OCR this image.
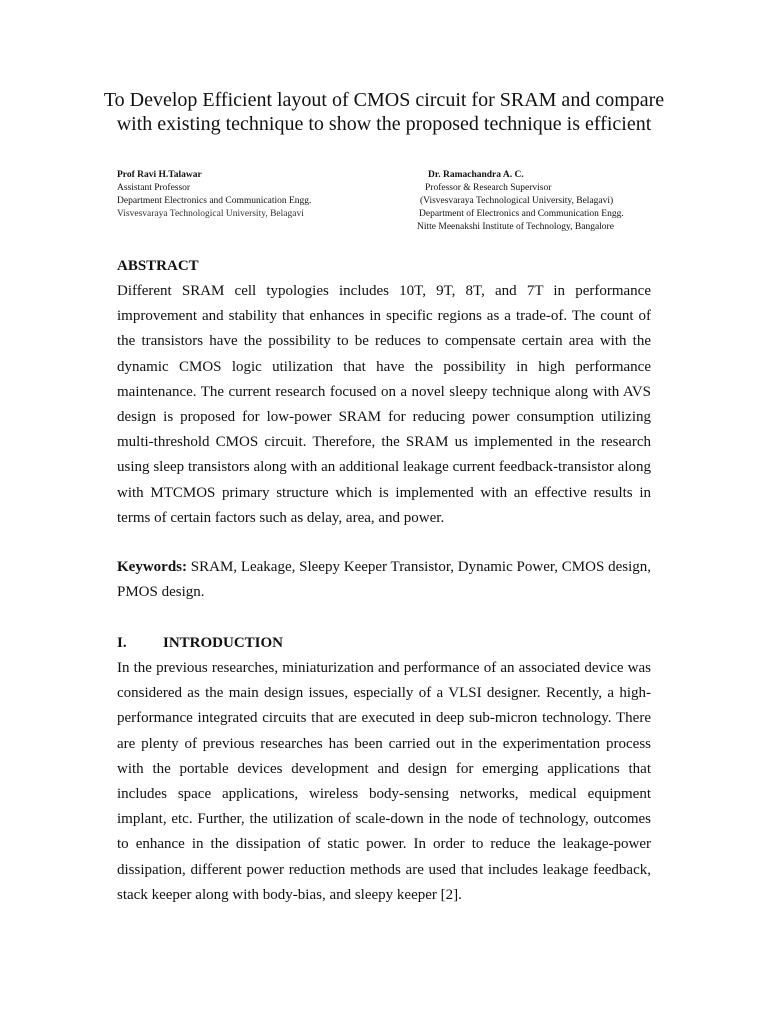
To Develop Efficient layout of CMOS circuit for SRAM and compare with existing technique to show the proposed technique is efficient
Prof Ravi H.Talawar
Assistant Professor
Department Electronics and Communication Engg.
Visvesvaraya Technological University, Belagavi
Dr. Ramachandra A. C.
Professor & Research Supervisor
(Visvesvaraya Technological University, Belagavi)
Department of Electronics and Communication Engg.
Nitte Meenakshi Institute of Technology, Bangalore
ABSTRACT

Different SRAM cell typologies includes 10T, 9T, 8T, and 7T in performance improvement and stability that enhances in specific regions as a trade-of. The count of the transistors have the possibility to be reduces to compensate certain area with the dynamic CMOS logic utilization that have the possibility in high performance maintenance. The current research focused on a novel sleepy technique along with AVS design is proposed for low-power SRAM for reducing power consumption utilizing multi-threshold CMOS circuit. Therefore, the SRAM us implemented in the research using sleep transistors along with an additional leakage current feedback-transistor along with MTCMOS primary structure which is implemented with an effective results in terms of certain factors such as delay, area, and power.

Keywords: SRAM, Leakage, Sleepy Keeper Transistor, Dynamic Power, CMOS design, PMOS design.

I.	INTRODUCTION

In the previous researches, miniaturization and performance of an associated device was considered as the main design issues, especially of a VLSI designer. Recently, a high-performance integrated circuits that are executed in deep sub-micron technology. There are plenty of previous researches has been carried out in the experimentation process with the portable devices development and design for emerging applications that includes space applications, wireless body-sensing networks, medical equipment implant, etc. Further, the utilization of scale-down in the node of technology, outcomes to enhance in the dissipation of static power. In order to reduce the leakage-power dissipation, different power reduction methods are used that includes leakage feedback, stack keeper along with body-bias, and sleepy keeper [2].
